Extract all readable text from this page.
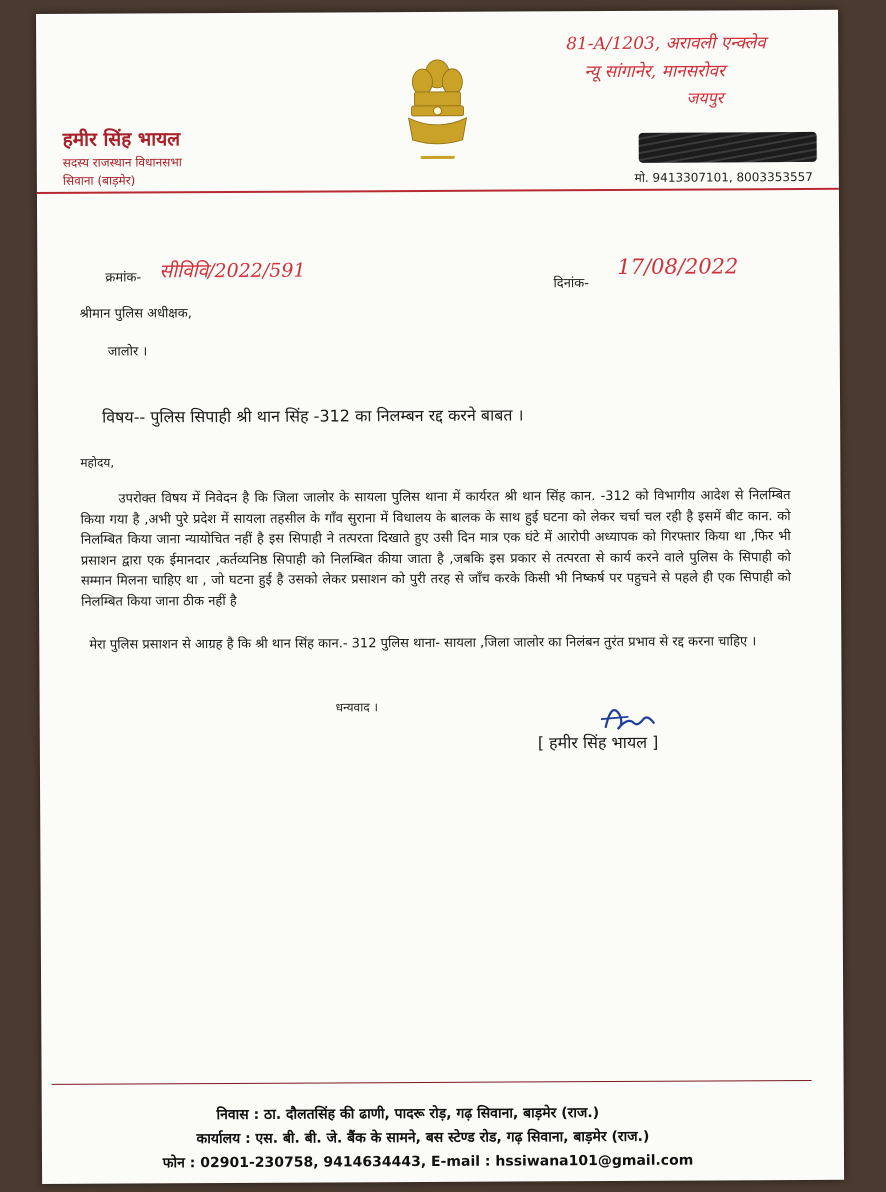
81-A/1203, अरावली एन्क्लेव
न्यू सांगानेर, मानसरोवर
जयपुर
हमीर सिंह भायल
सदस्य राजस्थान विधानसभा
सिवाना (बाड़मेर)	मो. 9413307101, 8003353557
क्रमांक- सीविवि/2022/591
दिनांक-
17/08/2022
श्रीमान पुलिस अधीक्षक,
जालोर ।
विषय-- पुलिस सिपाही श्री थान सिंह -312 का निलम्बन रद्द करने बाबत ।
महोदय,
उपरोक्त विषय में निवेदन है कि जिला जालोर के सायला पुलिस थाना में कार्यरत श्री थान सिंह कान. -312 को विभागीय आदेश से निलम्बित किया गया है ,अभी पुरे प्रदेश में सायला तहसील के गाँव सुराना में विधालय के बालक के साथ हुई घटना को लेकर चर्चा चल रही है इसमें बीट कान. को निलम्बित किया जाना न्यायोचित नहीं है इस सिपाही ने तत्परता दिखाते हुए उसी दिन मात्र एक घंटे में आरोपी अध्यापक को गिरफ्तार किया था ,फिर भी प्रसाशन द्वारा एक ईमानदार ,कर्तव्यनिष्ठ सिपाही को निलम्बित कीया जाता है ,जबकि इस प्रकार से तत्परता से कार्य करने वाले पुलिस के सिपाही को सम्मान मिलना चाहिए था , जो घटना हुई है उसको लेकर प्रसाशन को पुरी तरह से जाँच करके किसी भी निष्कर्ष पर पहुचने से पहले ही एक सिपाही को निलम्बित किया जाना ठीक नहीं है
मेरा पुलिस प्रसाशन से आग्रह है कि श्री थान सिंह कान.- 312 पुलिस थाना- सायला ,जिला जालोर का निलंबन तुरंत प्रभाव से रद्द करना चाहिए ।
धन्यवाद ।
[ हमीर सिंह भायल ]
निवास : ठा. दौलतसिंह की ढाणी, पादरू रोड़, गढ़ सिवाना, बाड़मेर (राज.)
कार्यालय : एस. बी. बी. जे. बैंक के सामने, बस स्टेण्ड रोड, गढ़ सिवाना, बाड़मेर (राज.)
फोन : 02901-230758, 9414634443, E-mail : hssiwana101@gmail.com
